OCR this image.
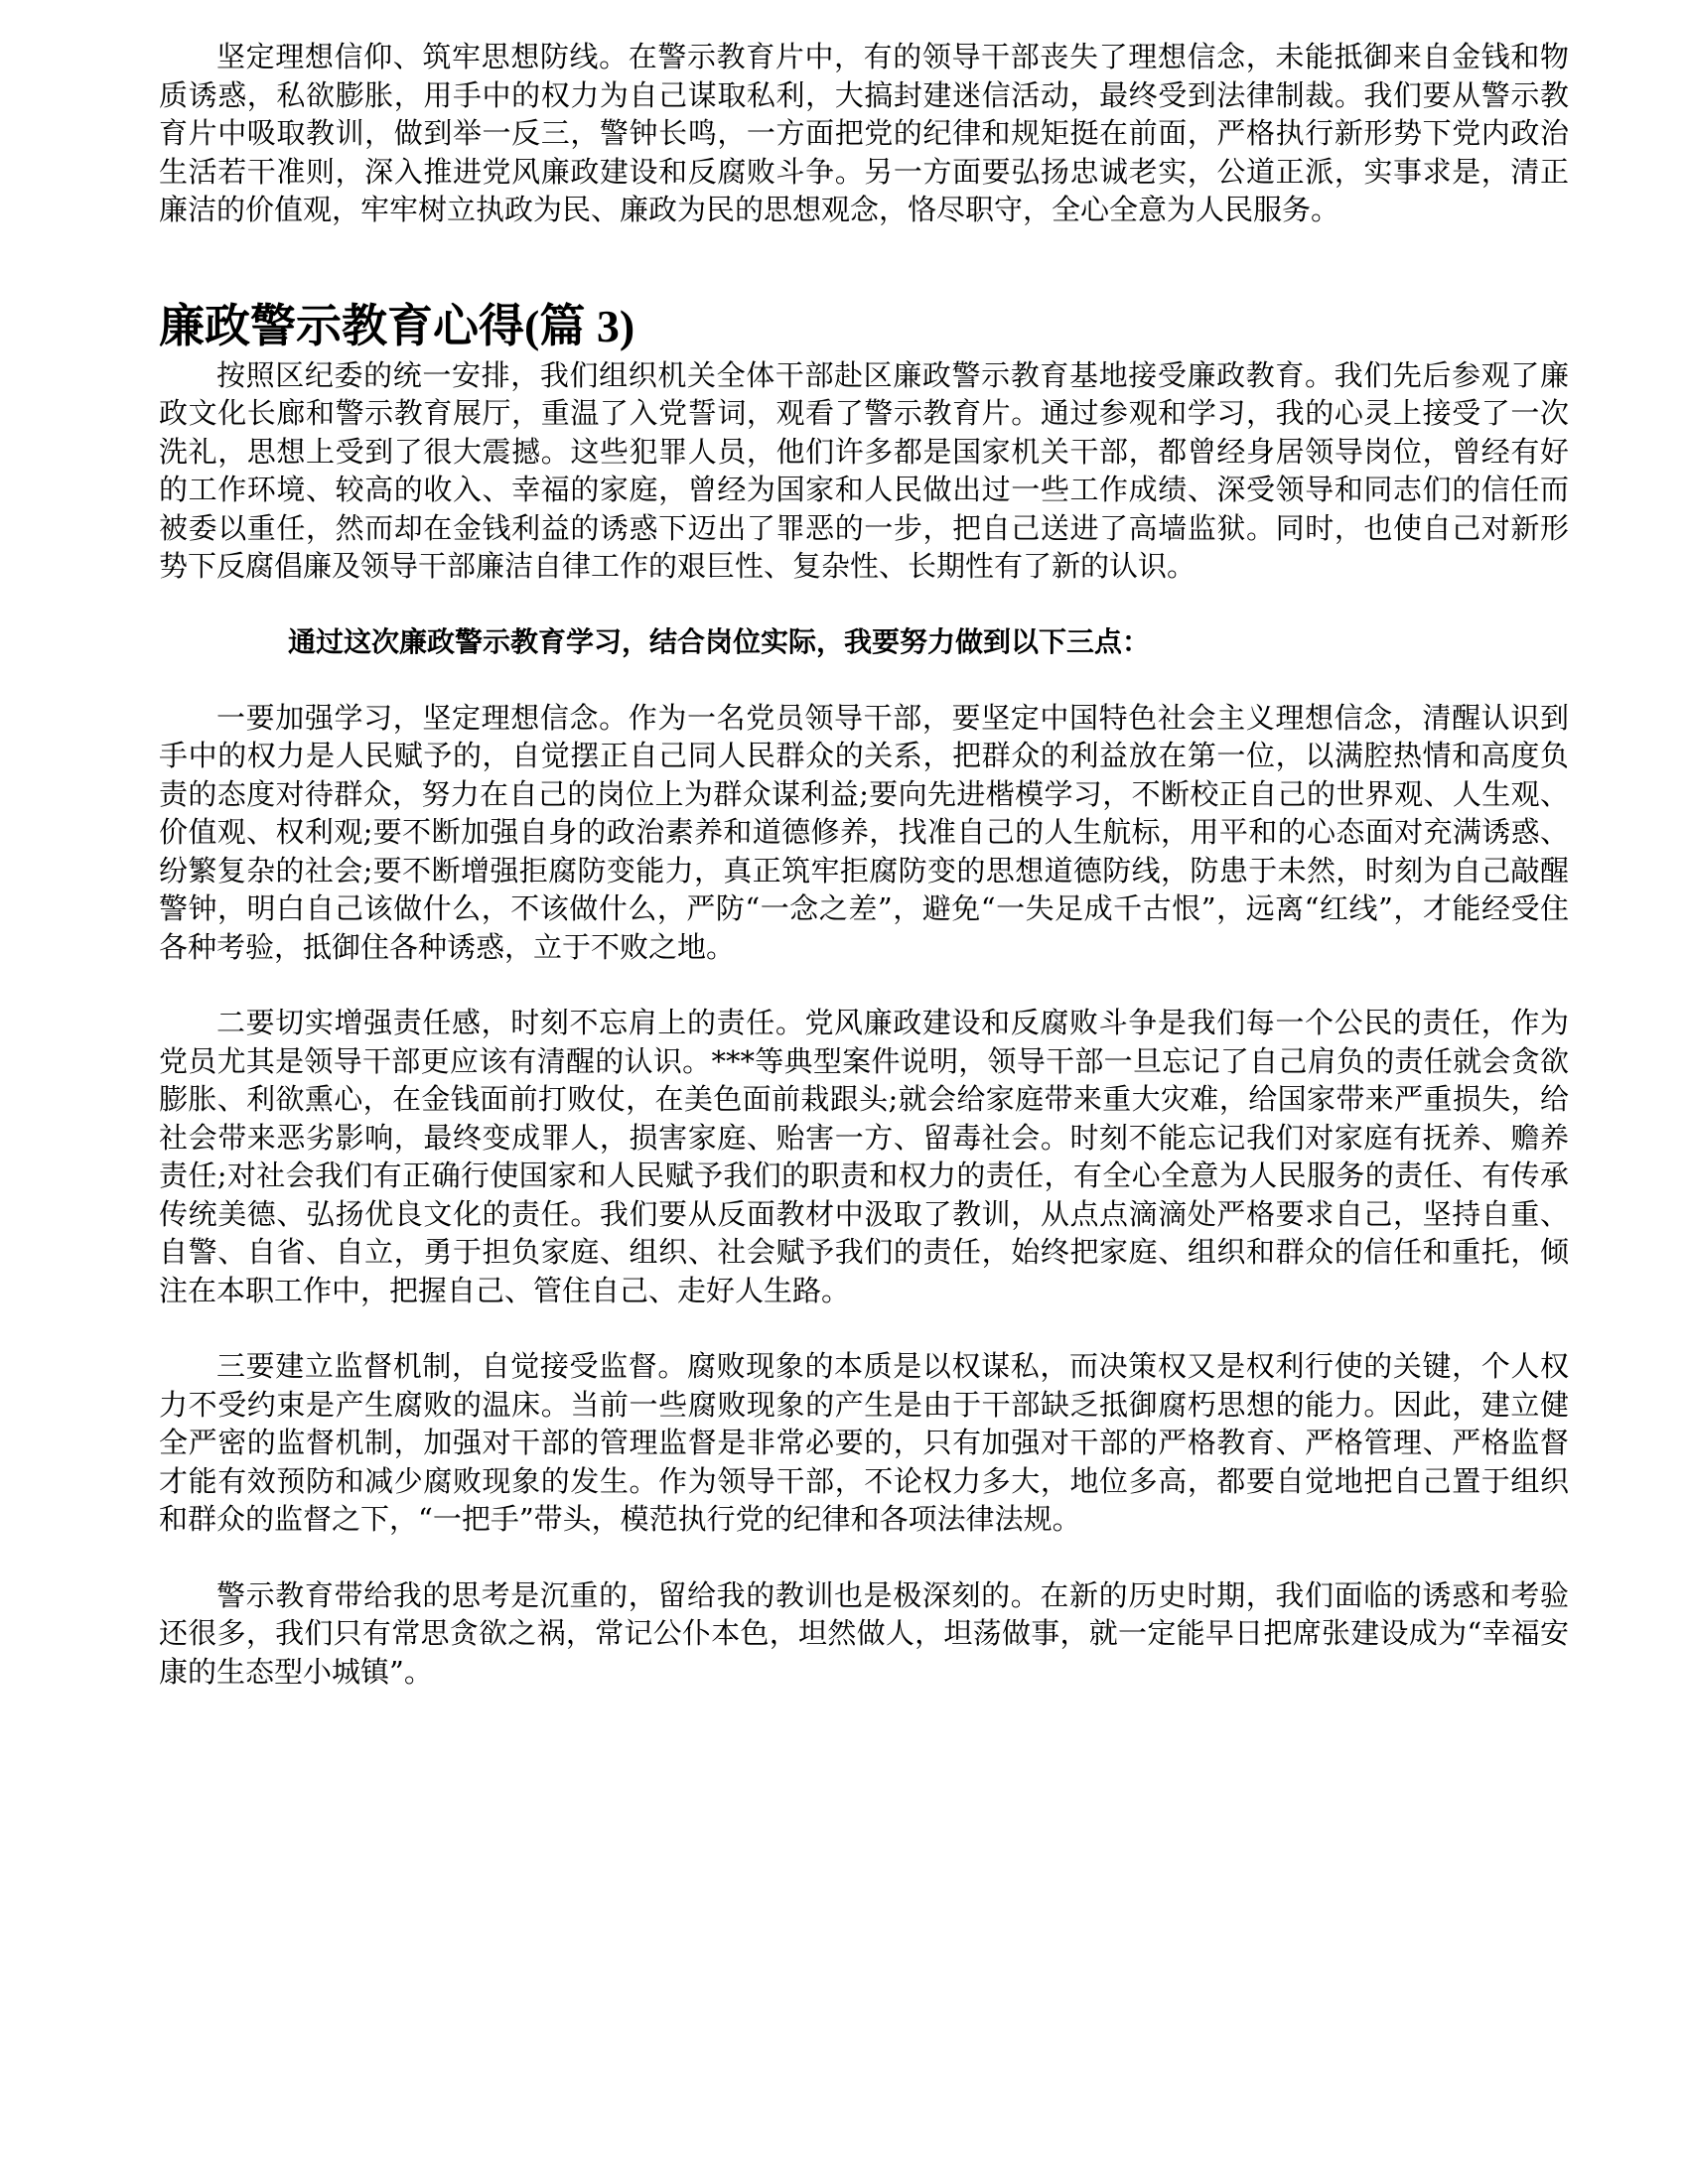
坚定理想信仰、筑牢思想防线。在警示教育片中，有的领导干部丧失了理想信念，未能抵御来自金钱和物质诱惑，私欲膨胀，用手中的权力为自己谋取私利，大搞封建迷信活动，最终受到法律制裁。我们要从警示教育片中吸取教训，做到举一反三，警钟长鸣，一方面把党的纪律和规矩挺在前面，严格执行新形势下党内政治生活若干准则，深入推进党风廉政建设和反腐败斗争。另一方面要弘扬忠诚老实，公道正派，实事求是，清正廉洁的价值观，牢牢树立执政为民、廉政为民的思想观念，恪尽职守，全心全意为人民服务。

廉政警示教育心得(篇 3)

按照区纪委的统一安排，我们组织机关全体干部赴区廉政警示教育基地接受廉政教育。我们先后参观了廉政文化长廊和警示教育展厅，重温了入党誓词，观看了警示教育片。通过参观和学习，我的心灵上接受了一次洗礼，思想上受到了很大震撼。这些犯罪人员，他们许多都是国家机关干部，都曾经身居领导岗位，曾经有好的工作环境、较高的收入、幸福的家庭，曾经为国家和人民做出过一些工作成绩、深受领导和同志们的信任而被委以重任，然而却在金钱利益的诱惑下迈出了罪恶的一步，把自己送进了高墙监狱。同时，也使自己对新形势下反腐倡廉及领导干部廉洁自律工作的艰巨性、复杂性、长期性有了新的认识。

通过这次廉政警示教育学习，结合岗位实际，我要努力做到以下三点：

一要加强学习，坚定理想信念。作为一名党员领导干部，要坚定中国特色社会主义理想信念，清醒认识到手中的权力是人民赋予的，自觉摆正自己同人民群众的关系，把群众的利益放在第一位，以满腔热情和高度负责的态度对待群众，努力在自己的岗位上为群众谋利益;要向先进楷模学习，不断校正自己的世界观、人生观、价值观、权利观;要不断加强自身的政治素养和道德修养，找准自己的人生航标，用平和的心态面对充满诱惑、纷繁复杂的社会;要不断增强拒腐防变能力，真正筑牢拒腐防变的思想道德防线，防患于未然，时刻为自己敲醒警钟，明白自己该做什么，不该做什么，严防“一念之差”，避免“一失足成千古恨”，远离“红线”，才能经受住各种考验，抵御住各种诱惑，立于不败之地。

二要切实增强责任感，时刻不忘肩上的责任。党风廉政建设和反腐败斗争是我们每一个公民的责任，作为党员尤其是领导干部更应该有清醒的认识。***等典型案件说明，领导干部一旦忘记了自己肩负的责任就会贪欲膨胀、利欲熏心，在金钱面前打败仗，在美色面前栽跟头;就会给家庭带来重大灾难，给国家带来严重损失，给社会带来恶劣影响，最终变成罪人，损害家庭、贻害一方、留毒社会。时刻不能忘记我们对家庭有抚养、赡养责任;对社会我们有正确行使国家和人民赋予我们的职责和权力的责任，有全心全意为人民服务的责任、有传承传统美德、弘扬优良文化的责任。我们要从反面教材中汲取了教训，从点点滴滴处严格要求自己，坚持自重、自警、自省、自立，勇于担负家庭、组织、社会赋予我们的责任，始终把家庭、组织和群众的信任和重托，倾注在本职工作中，把握自己、管住自己、走好人生路。

三要建立监督机制，自觉接受监督。腐败现象的本质是以权谋私，而决策权又是权利行使的关键，个人权力不受约束是产生腐败的温床。当前一些腐败现象的产生是由于干部缺乏抵御腐朽思想的能力。因此，建立健全严密的监督机制，加强对干部的管理监督是非常必要的，只有加强对干部的严格教育、严格管理、严格监督才能有效预防和减少腐败现象的发生。作为领导干部，不论权力多大，地位多高，都要自觉地把自己置于组织和群众的监督之下，“一把手”带头，模范执行党的纪律和各项法律法规。

警示教育带给我的思考是沉重的，留给我的教训也是极深刻的。在新的历史时期，我们面临的诱惑和考验还很多，我们只有常思贪欲之祸，常记公仆本色，坦然做人，坦荡做事，就一定能早日把席张建设成为“幸福安康的生态型小城镇”。
